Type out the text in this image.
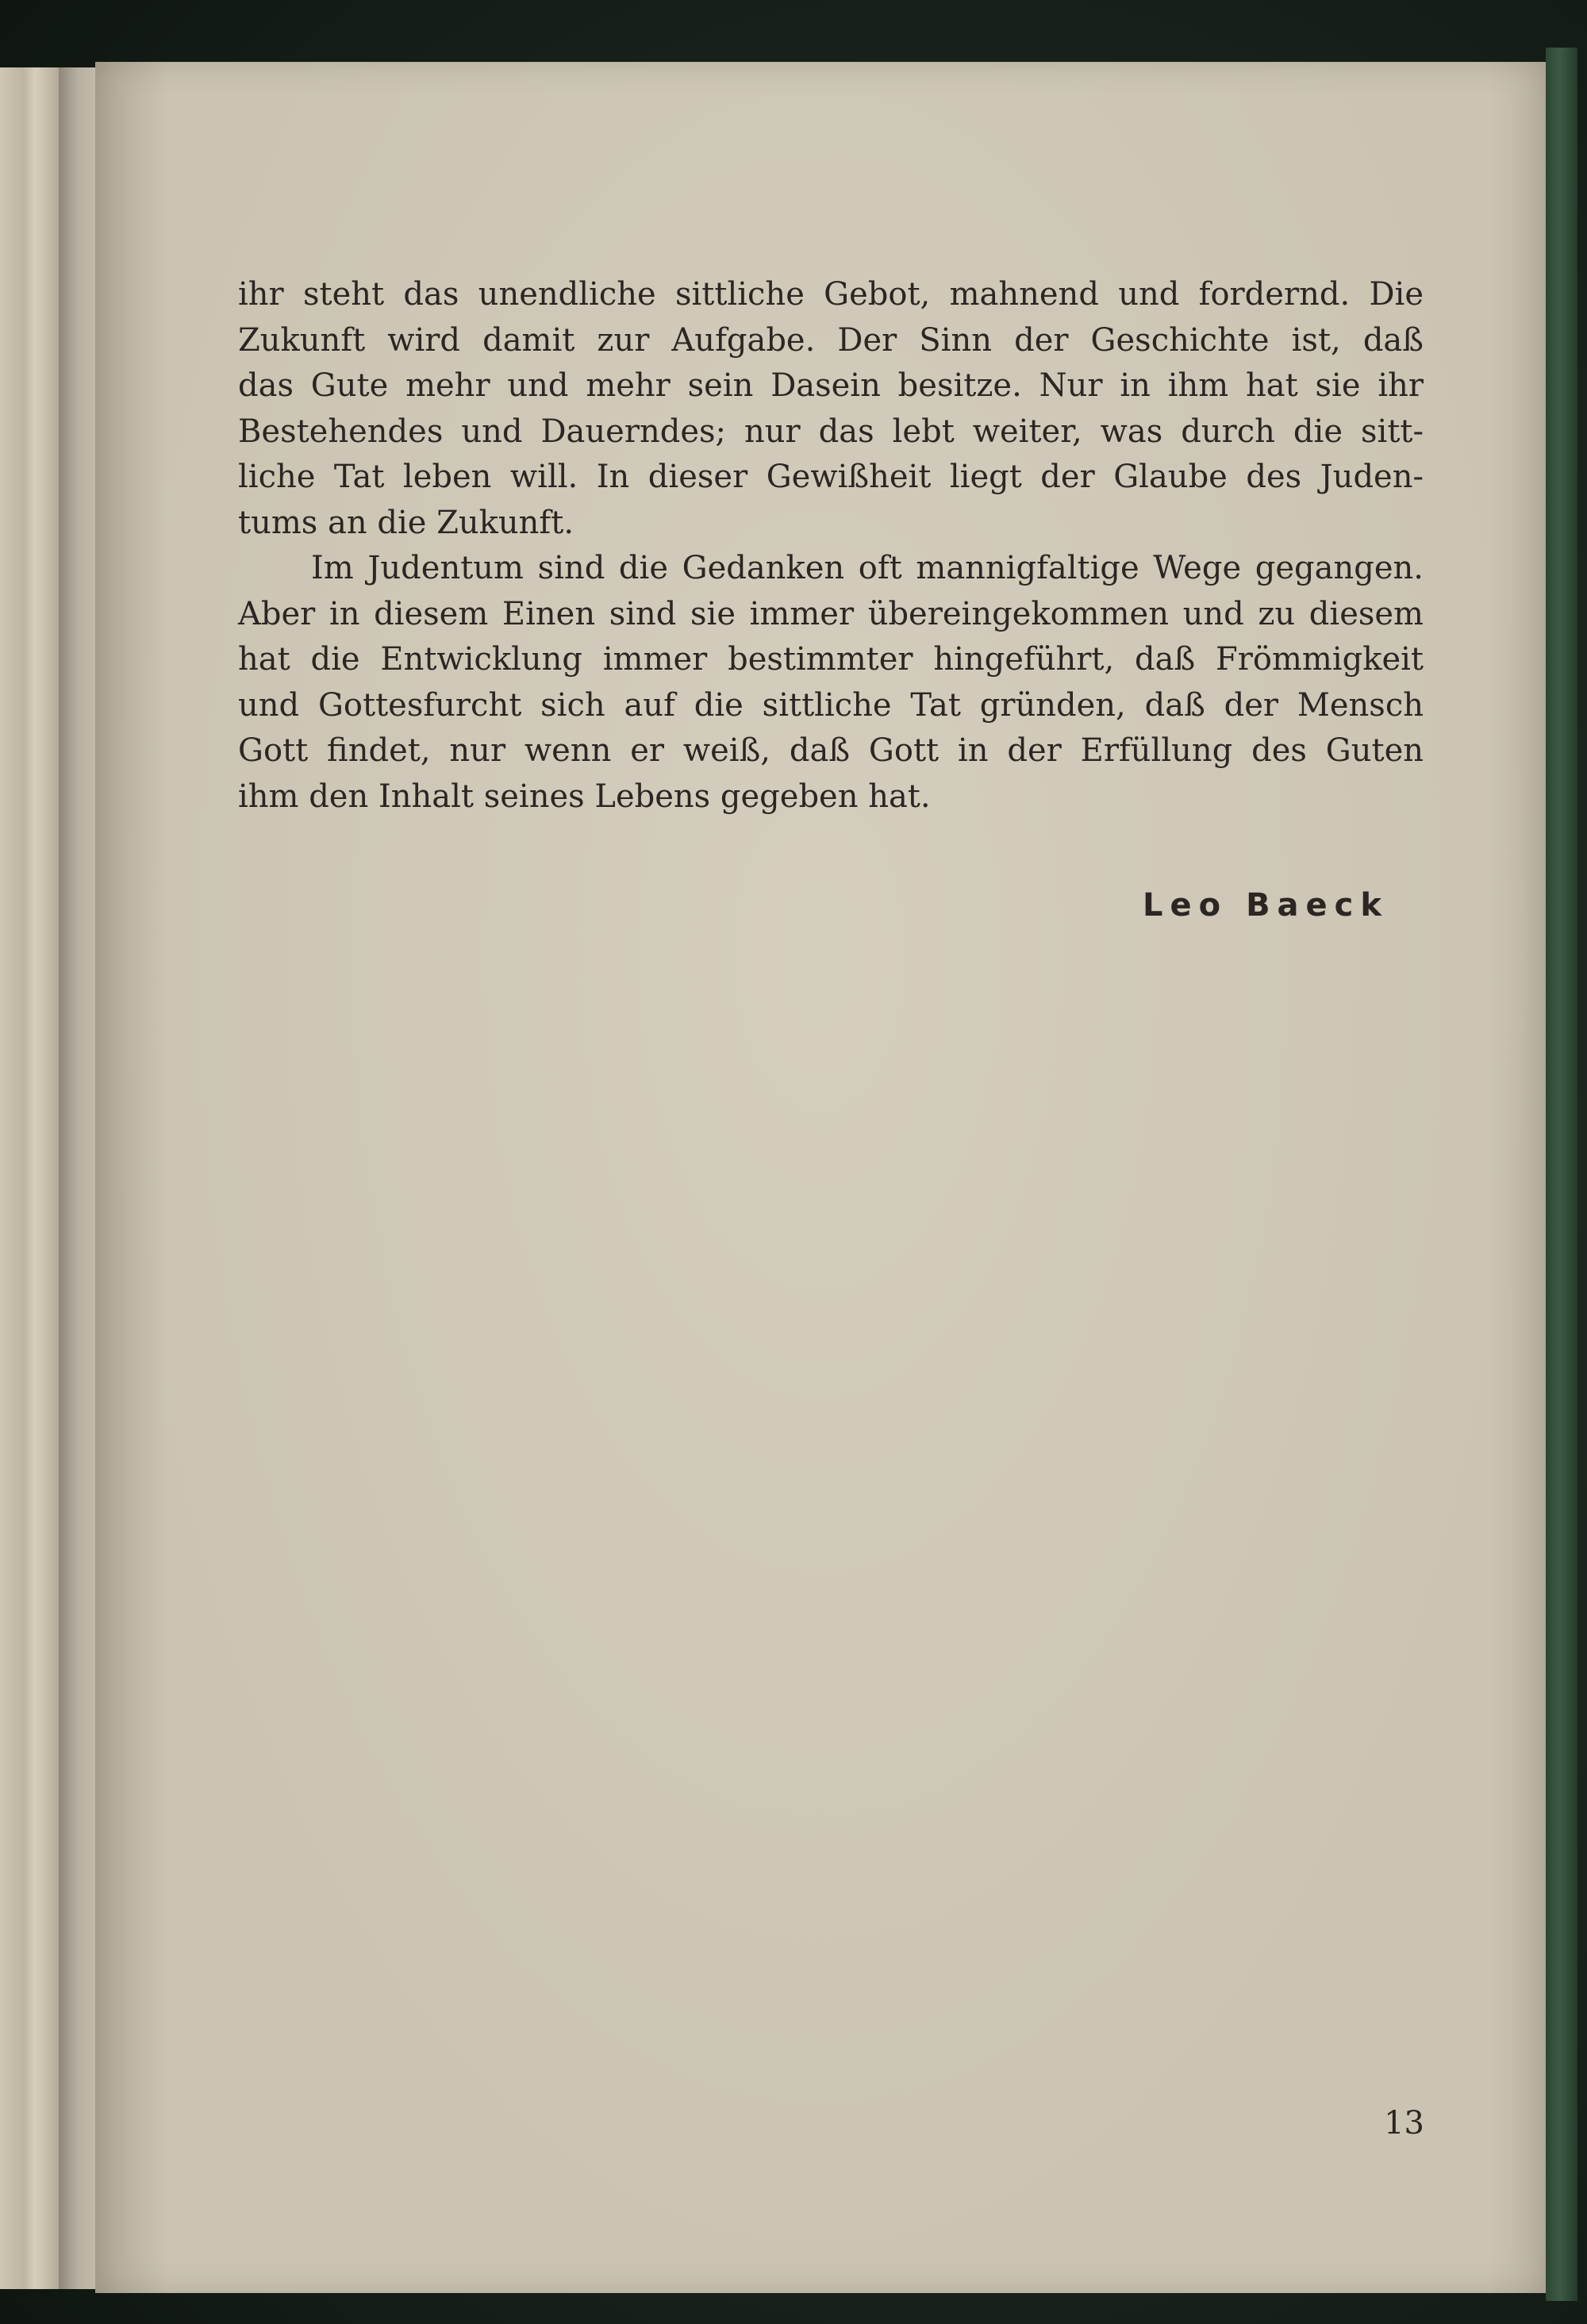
ihr steht das unendliche sittliche Gebot, mahnend und fordernd. Die
Zukunft wird damit zur Aufgabe. Der Sinn der Geschichte ist, daß
das Gute mehr und mehr sein Dasein besitze. Nur in ihm hat sie ihr
Bestehendes und Dauerndes; nur das lebt weiter, was durch die sitt-
liche Tat leben will. In dieser Gewißheit liegt der Glaube des Juden-
tums an die Zukunft.

Im Judentum sind die Gedanken oft mannigfaltige Wege gegangen.
Aber in diesem Einen sind sie immer übereingekommen und zu diesem
hat die Entwicklung immer bestimmter hingeführt, daß Frömmigkeit
und Gottesfurcht sich auf die sittliche Tat gründen, daß der Mensch
Gott findet, nur wenn er weiß, daß Gott in der Erfüllung des Guten
ihm den Inhalt seines Lebens gegeben hat.

Leo Baeck
13
